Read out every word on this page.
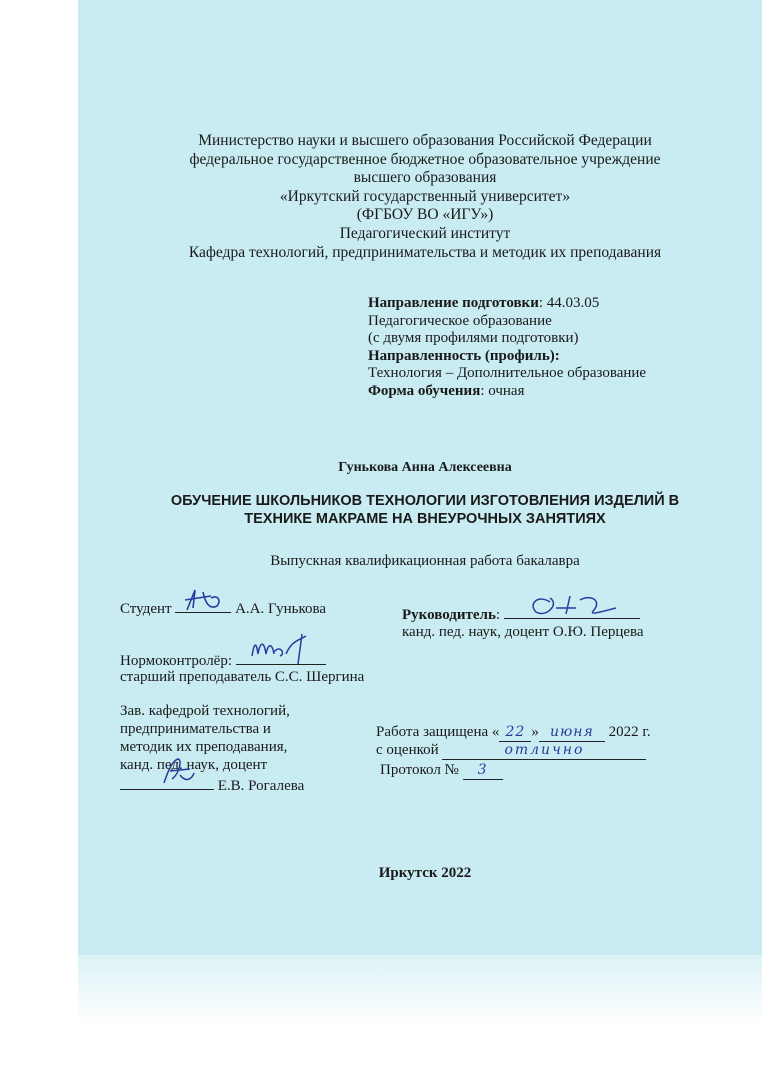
Министерство науки и высшего образования Российской Федерации
федеральное государственное бюджетное образовательное учреждение
высшего образования
«Иркутский государственный университет»
(ФГБОУ ВО «ИГУ»)
Педагогический институт
Кафедра технологий, предпринимательства и методик их преподавания
Направление подготовки: 44.03.05
Педагогическое образование
(с двумя профилями подготовки)
Направленность (профиль):
Технология – Дополнительное образование
Форма обучения: очная
Гунькова Анна Алексеевна
ОБУЧЕНИЕ ШКОЛЬНИКОВ ТЕХНОЛОГИИ ИЗГОТОВЛЕНИЯ ИЗДЕЛИЙ В
ТЕХНИКЕ МАКРАМЕ НА ВНЕУРОЧНЫХ ЗАНЯТИЯХ
Выпускная квалификационная работа бакалавра
Студент	А.А. Гунькова	Руководитель:
канд. пед. наук, доцент О.Ю. Перцева
Нормоконтролёр:
старший преподаватель С.С. Шергина
Зав. кафедрой технологий,
предпринимательства и
методик их преподавания,
канд. пед. наук, доцент
Е.В. Рогалева
Работа защищена « 22 » июня 2022 г.
с оценкой	отлично
Протокол № 3
Иркутск 2022
